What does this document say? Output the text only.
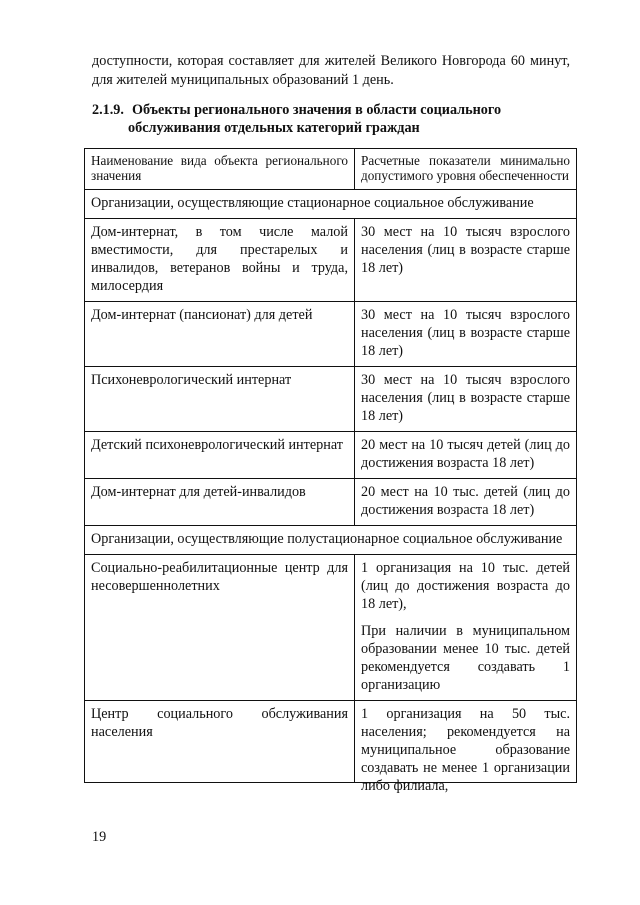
доступности, которая составляет для жителей Великого Новгорода 60 минут, для жителей муниципальных образований 1 день.

2.1.9. Объекты регионального значения в области социального
обслуживания отдельных категорий граждан
Наименование вида объекта регионального значения	Расчетные показатели минимально допустимого уровня обеспеченности
Организации, осуществляющие стационарное социальное обслуживание	
Дом-интернат, в том числе малой вместимости, для престарелых и инвалидов, ветеранов войны и труда, милосердия	30 мест на 10 тысяч взрослого населения (лиц в возрасте старше 18 лет)
Дом-интернат (пансионат) для детей	30 мест на 10 тысяч взрослого населения (лиц в возрасте старше 18 лет)
Психоневрологический интернат	30 мест на 10 тысяч взрослого населения (лиц в возрасте старше 18 лет)
Детский психоневрологический интернат	20 мест на 10 тысяч детей (лиц до достижения возраста 18 лет)
Дом-интернат для детей-инвалидов	20 мест на 10 тыс. детей (лиц до достижения возраста 18 лет)
Организации, осуществляющие полустационарное социальное обслуживание	
Социально-реабилитационные центр для несовершеннолетних	1 организация на 10 тыс. детей (лиц до достижения возраста до 18 лет),
При наличии в муниципальном образовании менее 10 тыс. детей рекомендуется создавать 1 организацию

Центр социального обслуживания населения	1 организация на 50 тыс. населения; рекомендуется на муниципальное образование создавать не менее 1 организации либо филиала,

19
